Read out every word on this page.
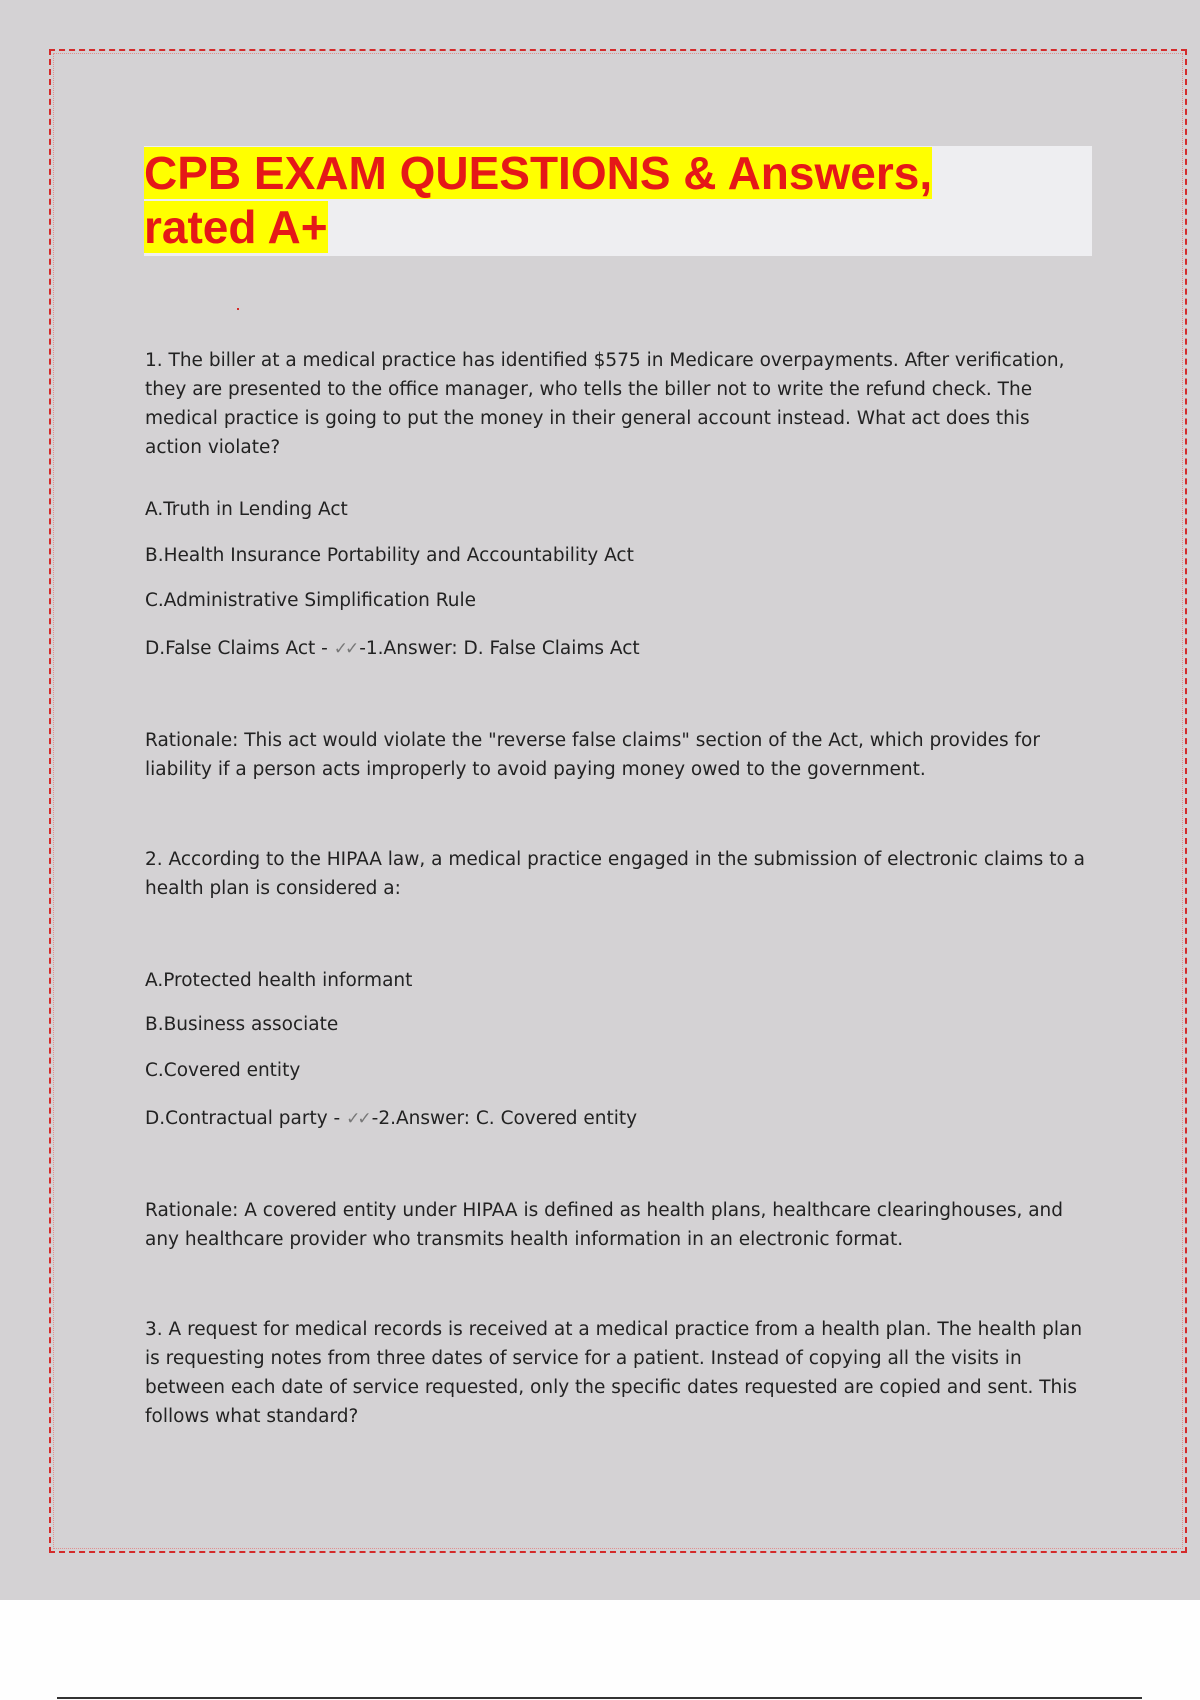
CPB EXAM QUESTIONS & Answers, rated A+

1. The biller at a medical practice has identified $575 in Medicare overpayments. After verification, they are presented to the office manager, who tells the biller not to write the refund check. The medical practice is going to put the money in their general account instead. What act does this action violate?

A.Truth in Lending Act

B.Health Insurance Portability and Accountability Act

C.Administrative Simplification Rule

D.False Claims Act - ✓✓ -1.Answer: D. False Claims Act

Rationale: This act would violate the "reverse false claims" section of the Act, which provides for liability if a person acts improperly to avoid paying money owed to the government.

2. According to the HIPAA law, a medical practice engaged in the submission of electronic claims to a health plan is considered a:

A.Protected health informant

B.Business associate

C.Covered entity

D.Contractual party - ✓✓ -2.Answer: C. Covered entity

Rationale: A covered entity under HIPAA is defined as health plans, healthcare clearinghouses, and any healthcare provider who transmits health information in an electronic format.

3. A request for medical records is received at a medical practice from a health plan. The health plan is requesting notes from three dates of service for a patient. Instead of copying all the visits in between each date of service requested, only the specific dates requested are copied and sent. This follows what standard?
